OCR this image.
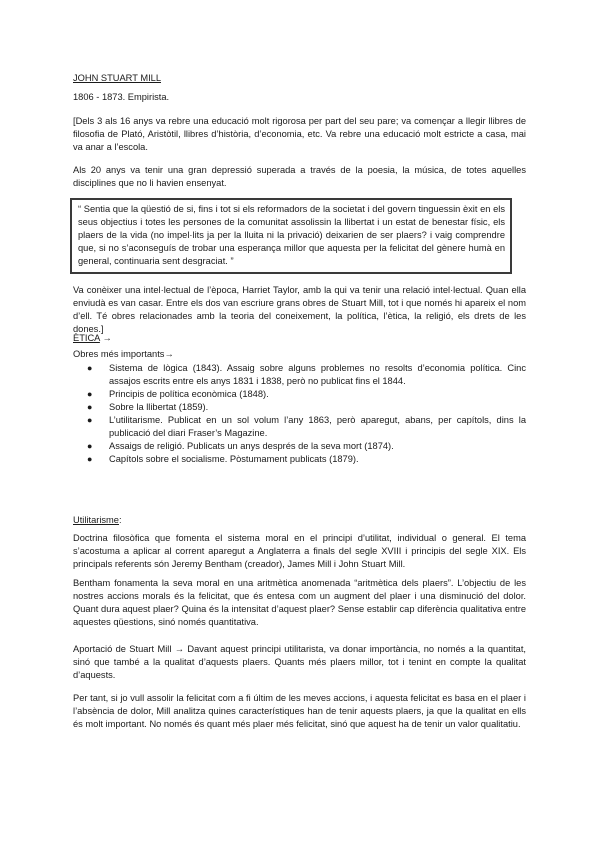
JOHN STUART MILL

1806 - 1873. Empirista.

[Dels 3 als 16 anys va rebre una educació molt rigorosa per part del seu pare; va començar a llegir llibres de filosofia de Plató, Aristòtil, llibres d’història, d’economia, etc. Va rebre una educació molt estricte a casa, mai va anar a l’escola.

Als 20 anys va tenir una gran depressió superada a través de la poesia, la música, de totes aquelles disciplines que no li havien ensenyat.

“ Sentia que la qüestió de si, fins i tot si els reformadors de la societat i del govern tinguessin èxit en els seus objectius i totes les persones de la comunitat assolissin la llibertat i un estat de benestar físic, els plaers de la vida (no impel·lits ja per la lluita ni la privació) deixarien de ser plaers? i vaig comprendre que, si no s’aconseguís de trobar una esperança millor que aquesta per la felicitat del gènere humà en general, continuaria sent desgraciat. ”

Va conèixer una intel·lectual de l’època, Harriet Taylor, amb la qui va tenir una relació intel·lectual. Quan ella enviudà es van casar. Entre els dos van escriure grans obres de Stuart Mill, tot i que només hi apareix el nom d’ell. Té obres relacionades amb la teoria del coneixement, la política, l’ètica, la religió, els drets de les dones.]

ÈTICA →

Obres més importants→

● Sistema de lògica (1843). Assaig sobre alguns problemes no resolts d’economia política. Cinc assajos escrits entre els anys 1831 i 1838, però no publicat fins el 1844.
● Principis de política econòmica (1848).
● Sobre la llibertat (1859).
● L’utilitarisme. Publicat en un sol volum l’any 1863, però aparegut, abans, per capítols, dins la publicació del diari Fraser’s Magazine.
● Assaigs de religió. Publicats un anys després de la seva mort (1874).
● Capítols sobre el socialisme. Pòstumament publicats (1879).

Utilitarisme:

Doctrina filosòfica que fomenta el sistema moral en el principi d’utilitat, individual o general. El tema s’acostuma a aplicar al corrent aparegut a Anglaterra a finals del segle XVIII i principis del segle XIX. Els principals referents són Jeremy Bentham (creador), James Mill i John Stuart Mill.

Bentham fonamenta la seva moral en una aritmètica anomenada “aritmètica dels plaers”. L’objectiu de les nostres accions morals és la felicitat, que és entesa com un augment del plaer i una disminució del dolor. Quant dura aquest plaer? Quina és la intensitat d’aquest plaer? Sense establir cap diferència qualitativa entre aquestes qüestions, sinó només quantitativa.

Aportació de Stuart Mill → Davant aquest principi utilitarista, va donar importància, no només a la quantitat, sinó que també a la qualitat d’aquests plaers. Quants més plaers millor, tot i tenint en compte la qualitat d’aquests.

Per tant, si jo vull assolir la felicitat com a fi últim de les meves accions, i aquesta felicitat es basa en el plaer i l’absència de dolor, Mill analitza quines característiques han de tenir aquests plaers, ja que la qualitat en ells és molt important. No només és quant més plaer més felicitat, sinó que aquest ha de tenir un valor qualitatiu.
